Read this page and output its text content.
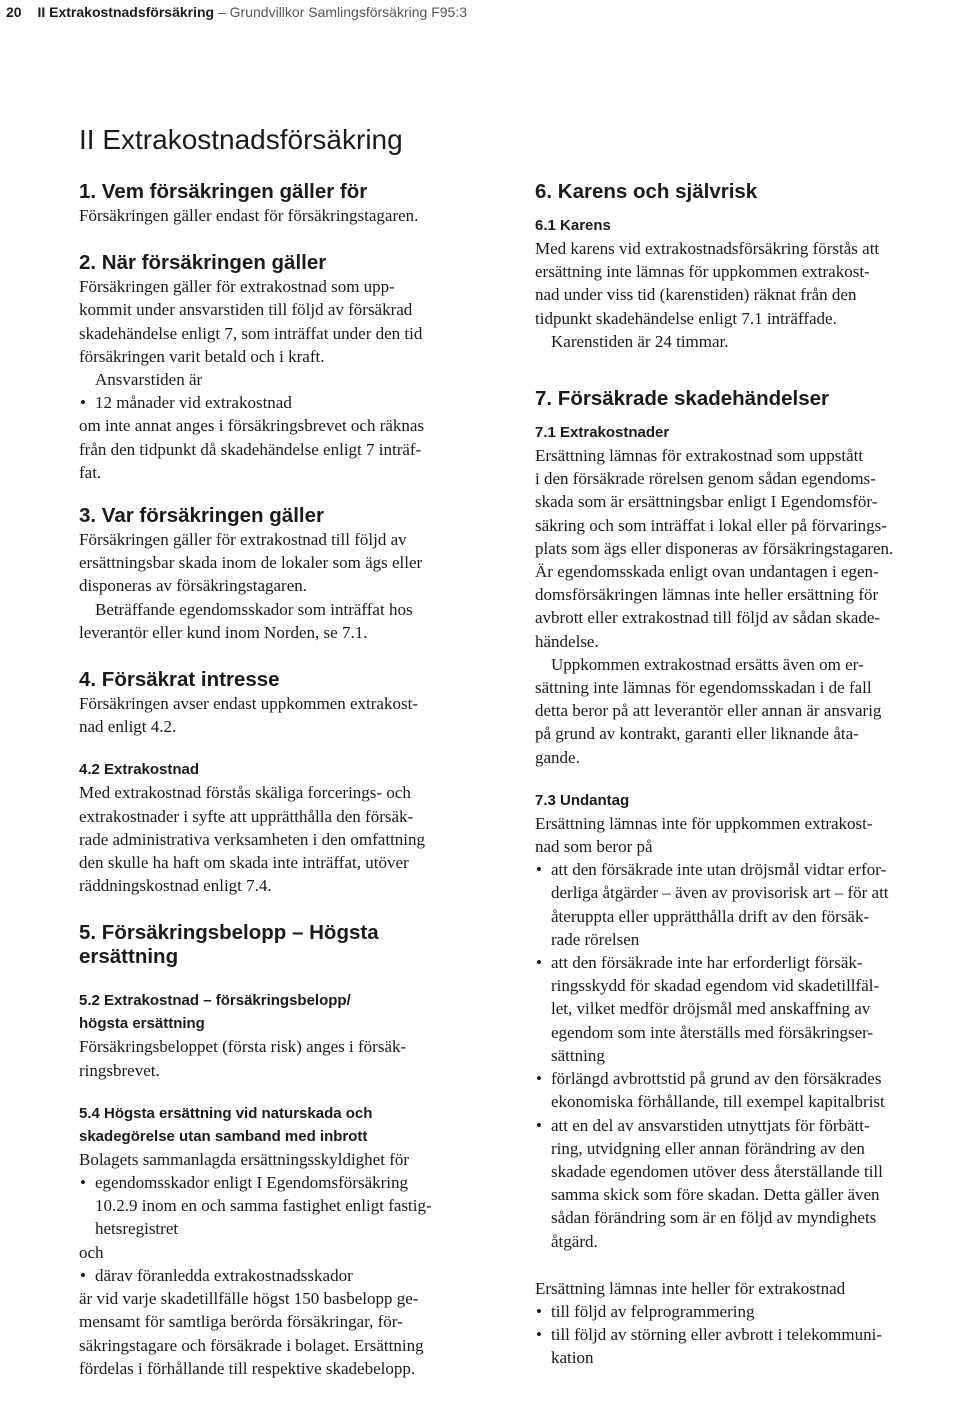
20 II Extrakostnadsförsäkring – Grundvillkor Samlingsförsäkring F95:3
II Extrakostnadsförsäkring
1. Vem försäkringen gäller för

Försäkringen gäller endast för försäkringstagaren.

2. När försäkringen gäller

Försäkringen gäller för extrakostnad som upp-
kommit under ansvarstiden till följd av försäkrad
skadehändelse enligt 7, som inträffat under den tid
försäkringen varit betald och i kraft.

Ansvarstiden är

• 12 månader vid extrakostnad

om inte annat anges i försäkringsbrevet och räknas
från den tidpunkt då skadehändelse enligt 7 inträf-
fat.

3. Var försäkringen gäller

Försäkringen gäller för extrakostnad till följd av
ersättningsbar skada inom de lokaler som ägs eller
disponeras av försäkringstagaren.

Beträffande egendomsskador som inträffat hos
leverantör eller kund inom Norden, se 7.1.

4. Försäkrat intresse

Försäkringen avser endast uppkommen extrakost-
nad enligt 4.2.

4.2 Extrakostnad

Med extrakostnad förstås skäliga forcerings- och
extrakostnader i syfte att upprätthålla den försäk-
rade administrativa verksamheten i den omfattning
den skulle ha haft om skada inte inträffat, utöver
räddningskostnad enligt 7.4.

5. Försäkringsbelopp – Högsta
ersättning
5.2 Extrakostnad – försäkringsbelopp/
högsta ersättning

Försäkringsbeloppet (första risk) anges i försäk-
ringsbrevet.

5.4 Högsta ersättning vid naturskada och
skadegörelse utan samband med inbrott

Bolagets sammanlagda ersättningsskyldighet för

• egendomsskador enligt I Egendomsförsäkring
10.2.9 inom en och samma fastighet enligt fastig-
hetsregistret

och

• därav föranledda extrakostnadsskador

är vid varje skadetillfälle högst 150 basbelopp ge-
mensamt för samtliga berörda försäkringar, för-
säkringstagare och försäkrade i bolaget. Ersättning
fördelas i förhållande till respektive skadebelopp.

6. Karens och självrisk
6.1 Karens

Med karens vid extrakostnadsförsäkring förstås att
ersättning inte lämnas för uppkommen extrakost-
nad under viss tid (karenstiden) räknat från den
tidpunkt skadehändelse enligt 7.1 inträffade.

Karenstiden är 24 timmar.

7. Försäkrade skadehändelser
7.1 Extrakostnader

Ersättning lämnas för extrakostnad som uppstått
i den försäkrade rörelsen genom sådan egendoms-
skada som är ersättningsbar enligt I Egendomsför-
säkring och som inträffat i lokal eller på förvarings-
plats som ägs eller disponeras av försäkringstagaren.
Är egendomsskada enligt ovan undantagen i egen-
domsförsäkringen lämnas inte heller ersättning för
avbrott eller extrakostnad till följd av sådan skade-
händelse.

Uppkommen extrakostnad ersätts även om er-
sättning inte lämnas för egendomsskadan i de fall
detta beror på att leverantör eller annan är ansvarig
på grund av kontrakt, garanti eller liknande åta-
gande.

7.3 Undantag

Ersättning lämnas inte för uppkommen extrakost-
nad som beror på

• att den försäkrade inte utan dröjsmål vidtar erfor-
derliga åtgärder – även av provisorisk art – för att
återuppta eller upprätthålla drift av den försäk-
rade rörelsen
• att den försäkrade inte har erforderligt försäk-
ringsskydd för skadad egendom vid skadetillfäl-
let, vilket medför dröjsmål med anskaffning av
egendom som inte återställs med försäkringser-
sättning
• förlängd avbrottstid på grund av den försäkrades
ekonomiska förhållande, till exempel kapitalbrist
• att en del av ansvarstiden utnyttjats för förbätt-
ring, utvidgning eller annan förändring av den
skadade egendomen utöver dess återställande till
samma skick som före skadan. Detta gäller även
sådan förändring som är en följd av myndighets
åtgärd.

Ersättning lämnas inte heller för extrakostnad

• till följd av felprogrammering
• till följd av störning eller avbrott i telekommuni-
kation
